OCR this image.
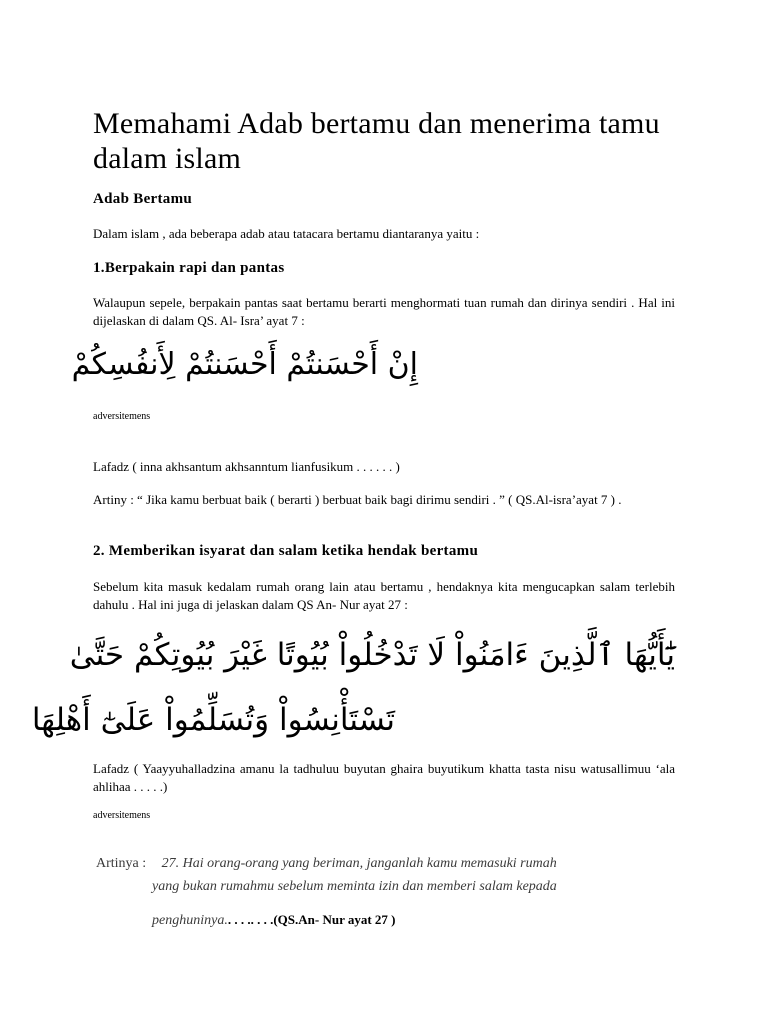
Memahami Adab bertamu dan menerima tamu dalam islam
Adab Bertamu

Dalam islam , ada beberapa adab atau tatacara bertamu diantaranya yaitu :

1.Berpakain rapi dan pantas

Walaupun sepele, berpakain pantas saat bertamu berarti menghormati tuan rumah dan dirinya sendiri . Hal ini dijelaskan di dalam QS. Al- Isra’ ayat 7 :

إِنْ أَحْسَنتُمْ أَحْسَنتُمْ لِأَنفُسِكُمْ

adversitemens

Lafadz ( inna akhsantum akhsanntum lianfusikum . . . . . . )

Artiny : “ Jika kamu berbuat baik ( berarti ) berbuat baik bagi dirimu sendiri . ” ( QS.Al-isra’ayat 7 ) .

2. Memberikan isyarat dan salam ketika hendak bertamu

Sebelum kita masuk kedalam rumah orang lain atau bertamu , hendaknya kita mengucapkan salam terlebih dahulu . Hal ini juga di jelaskan dalam QS An- Nur ayat 27 :

يَٰٓأَيُّهَا ٱلَّذِينَ ءَامَنُواْ لَا تَدْخُلُواْ بُيُوتًا غَيْرَ بُيُوتِكُمْ حَتَّىٰ

تَسْتَأْنِسُواْ وَتُسَلِّمُواْ عَلَىٰٓ أَهْلِهَا

Lafadz ( Yaayyuhalladzina amanu la tadhuluu buyutan ghaira buyutikum khatta tasta nisu watusallimuu ‘ala ahlihaa . . . . .)

adversitemens

Artinya : 27. Hai orang-orang yang beriman, janganlah kamu memasuki rumah
yang bukan rumahmu sebelum meminta izin dan memberi salam kepada
penghuninya.. . . .. . . .(QS.An- Nur ayat 27 )
